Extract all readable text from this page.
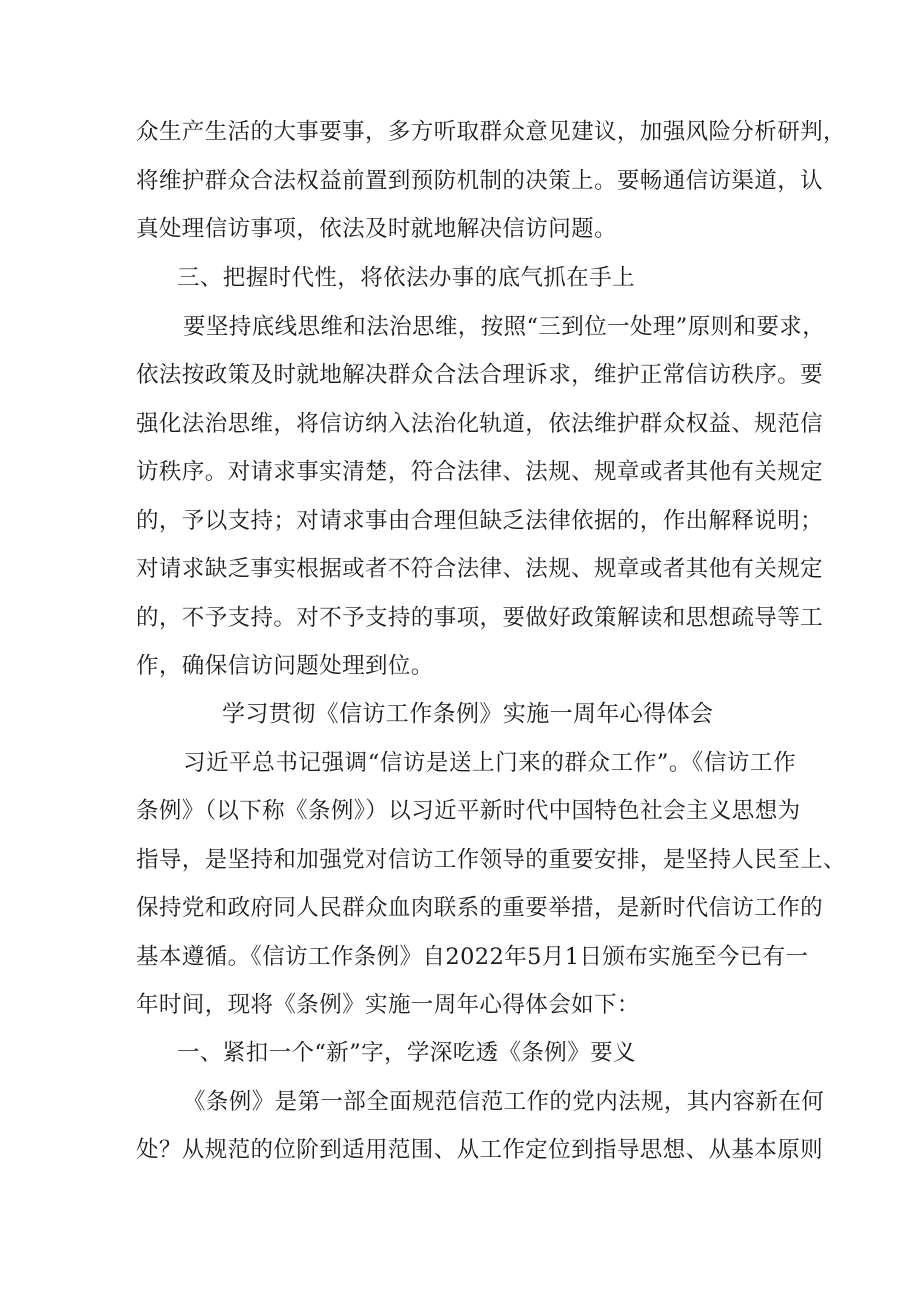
众生产生活的大事要事，多方听取群众意见建议，加强风险分析研判，
将维护群众合法权益前置到预防机制的决策上。要畅通信访渠道，认
真处理信访事项，依法及时就地解决信访问题。
三、把握时代性，将依法办事的底气抓在手上
要坚持底线思维和法治思维，按照“三到位一处理”原则和要求，
依法按政策及时就地解决群众合法合理诉求，维护正常信访秩序。要
强化法治思维，将信访纳入法治化轨道，依法维护群众权益、规范信
访秩序。对请求事实清楚，符合法律、法规、规章或者其他有关规定
的，予以支持；对请求事由合理但缺乏法律依据的，作出解释说明；
对请求缺乏事实根据或者不符合法律、法规、规章或者其他有关规定
的，不予支持。对不予支持的事项，要做好政策解读和思想疏导等工
作，确保信访问题处理到位。
学习贯彻《信访工作条例》实施一周年心得体会
习近平总书记强调“信访是送上门来的群众工作”。《信访工作
条例》（以下称《条例》）以习近平新时代中国特色社会主义思想为
指导，是坚持和加强党对信访工作领导的重要安排，是坚持人民至上、
保持党和政府同人民群众血肉联系的重要举措，是新时代信访工作的
基本遵循。《信访工作条例》自2022年5月1日颁布实施至今已有一
年时间，现将《条例》实施一周年心得体会如下：
一、紧扣一个“新”字，学深吃透《条例》要义
《条例》是第一部全面规范信范工作的党内法规，其内容新在何
处？从规范的位阶到适用范围、从工作定位到指导思想、从基本原则
